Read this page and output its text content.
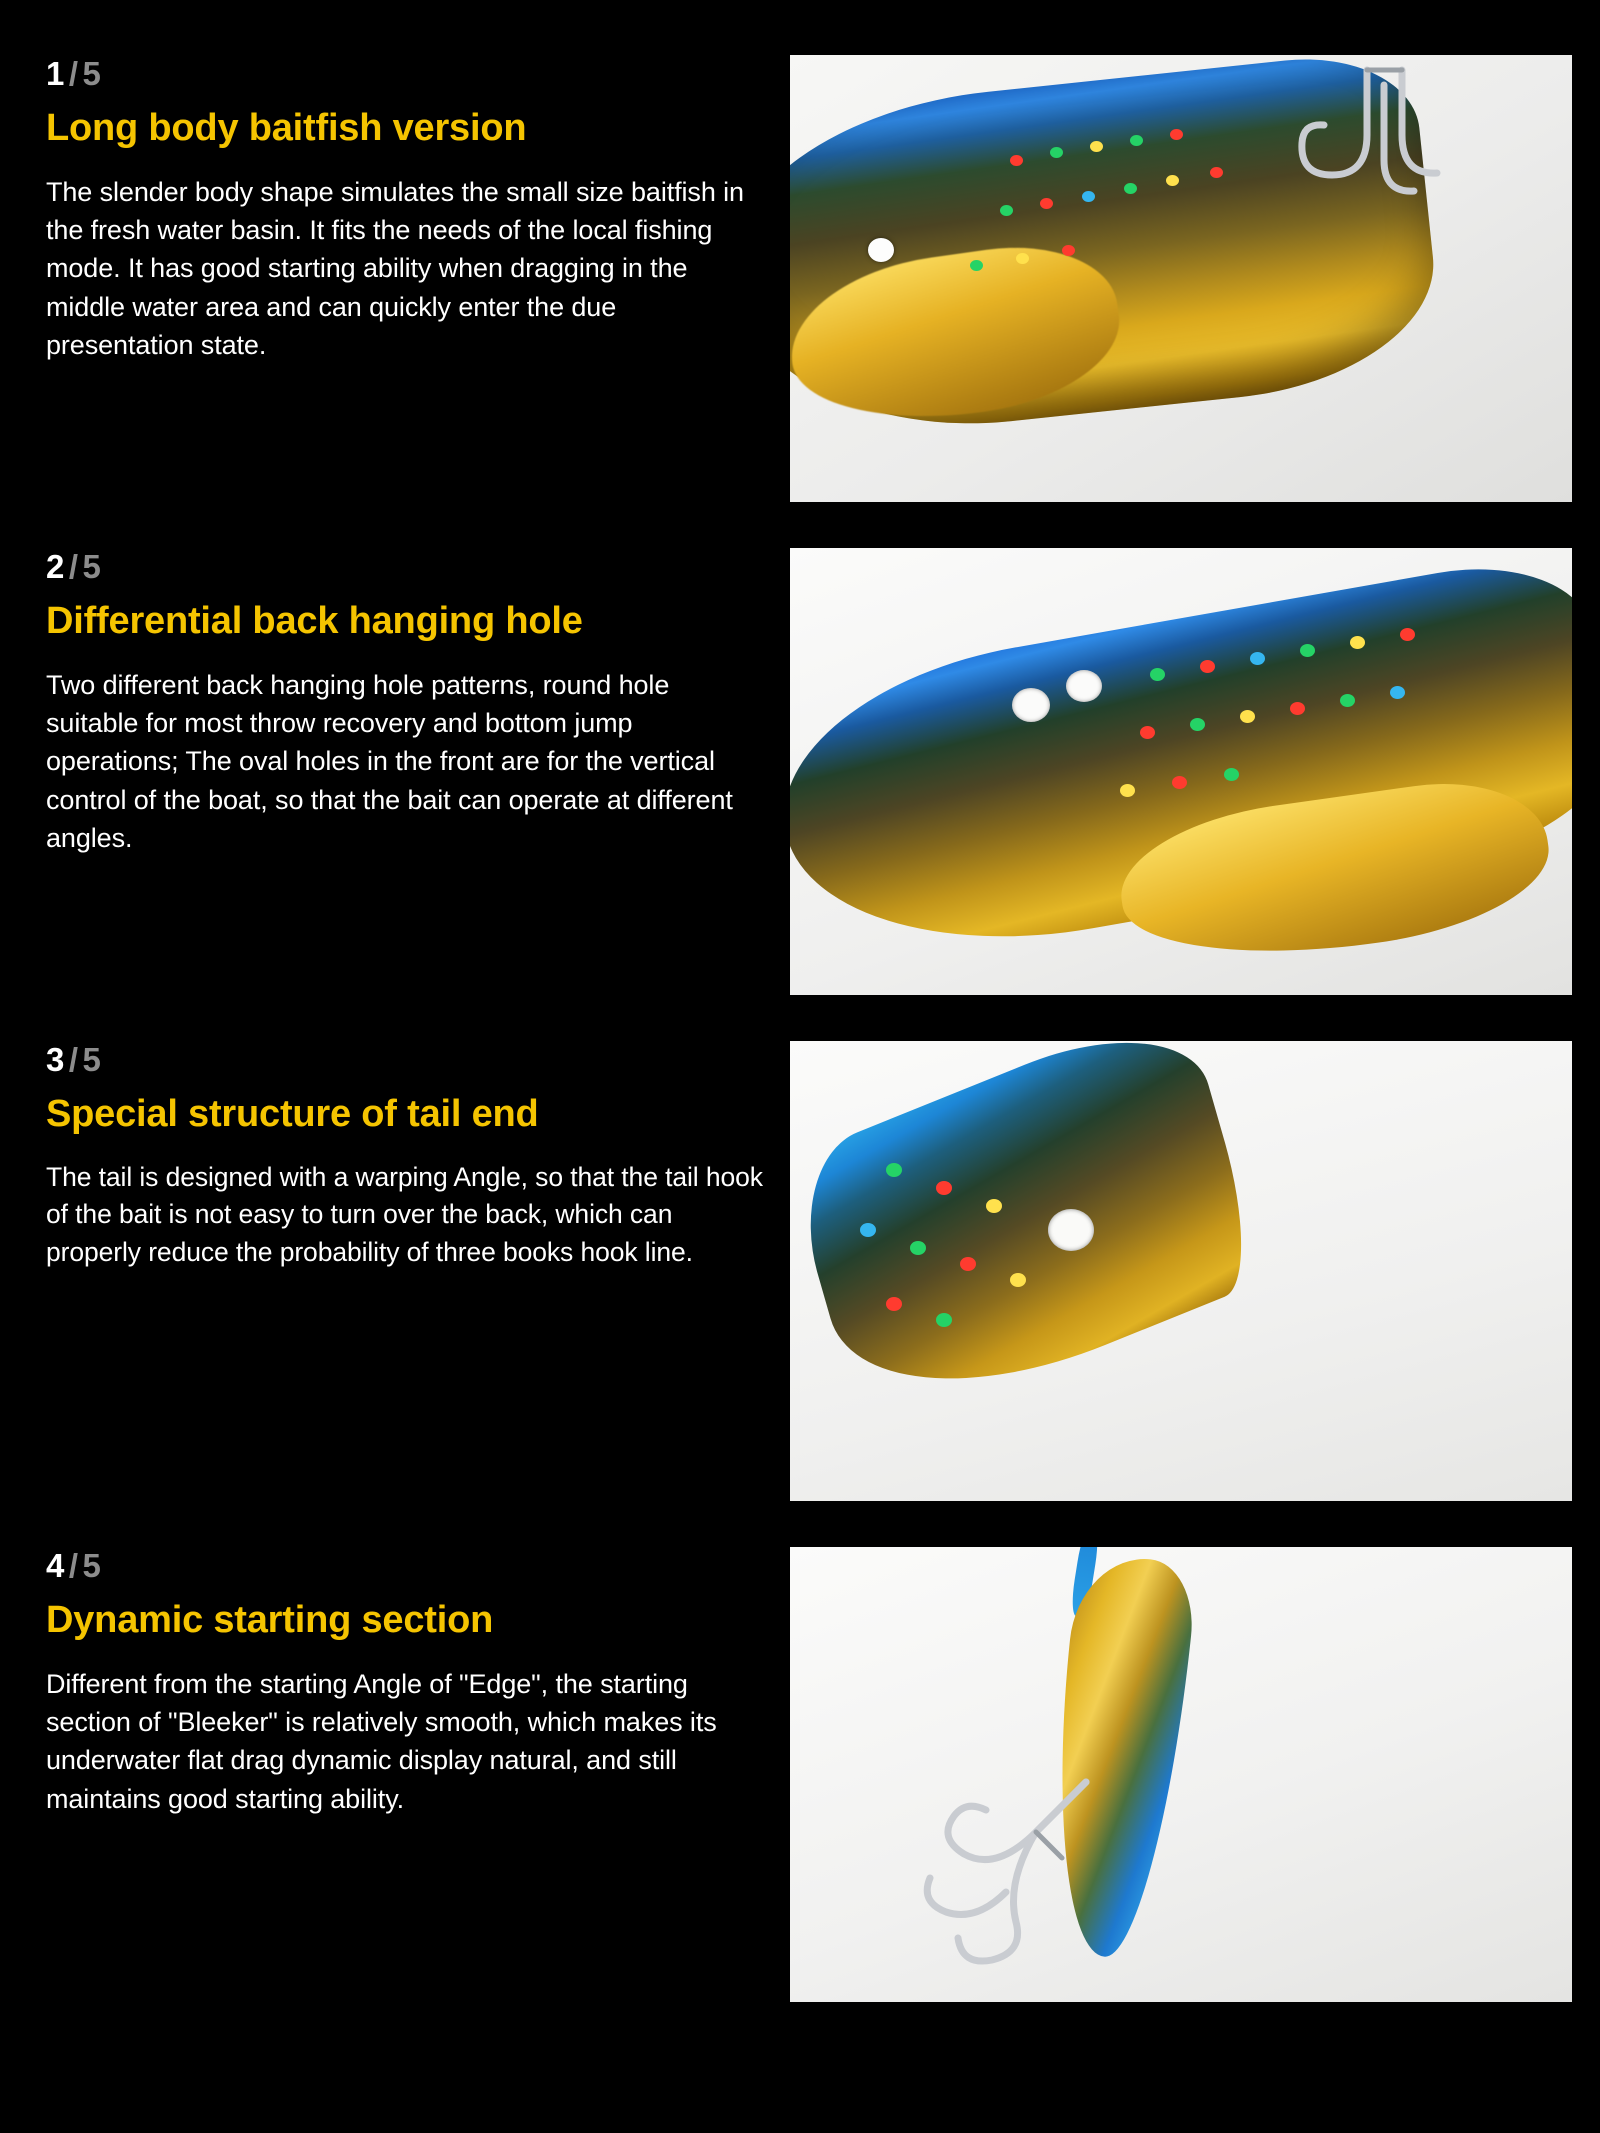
1 / 5
Long body baitfish version
The slender body shape simulates the small size baitfish in the fresh water basin. It fits the needs of the local fishing mode. It has good starting ability when dragging in the middle water area and can quickly enter the due presentation state.
2 / 5
Differential back hanging hole
Two different back hanging hole patterns, round hole suitable for most throw recovery and bottom jump operations; The oval holes in the front are for the vertical control of the boat, so that the bait can operate at different angles.
3 / 5
Special structure of tail end
The tail is designed with a warping Angle, so that the tail hook of the bait is not easy to turn over the back, which can properly reduce the probability of three books hook line.
4 / 5
Dynamic starting section
Different from the starting Angle of "Edge", the starting section of "Bleeker" is relatively smooth, which makes its underwater flat drag dynamic display natural, and still maintains good starting ability.
